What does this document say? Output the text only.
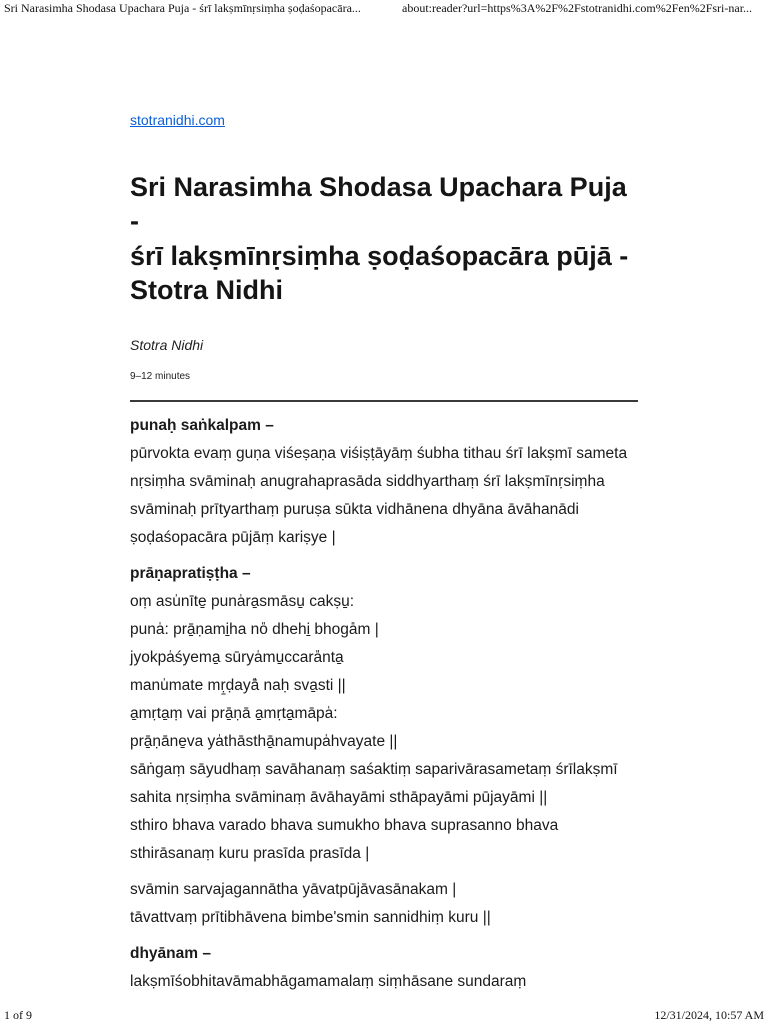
Sri Narasimha Shodasa Upachara Puja - śrī lakṣmīnṛsiṃha ṣoḍaśopacāra...	about:reader?url=https%3A%2F%2Fstotranidhi.com%2Fen%2Fsri-nar...
stotranidhi.com
Sri Narasimha Shodasa Upachara Puja -
śrī lakṣmīnṛsiṃha ṣoḍaśopacāra pūjā -
Stotra Nidhi
Stotra Nidhi
9–12 minutes
punaḥ saṅkalpam –
pūrvokta evaṃ guṇa viśeṣaṇa viśiṣṭāyāṃ śubha tithau śrī lakṣmī sameta
nṛsiṃha svāminaḥ anugrahaprasāda siddhyarthaṃ śrī lakṣmīnṛsiṃha
svāminaḥ prītyarthaṃ puruṣa sūkta vidhānena dhyāna āvāhanādi
ṣoḍaśopacāra pūjāṃ kariṣye |
prāṇapratiṣṭha –
oṃ asu̍nīte̱ puna̍ra̱smāsu̱ cakṣu̱:
puna̍: prā̱ṇami̱ha no̎ dhehi̱ bhoga̎m |
jyokpa̍śyema̱ sūrya̍mu̱ccara̎nta̱
manu̍mate mṛ̱ḍayā̎ naḥ sva̱sti ||
a̱mṛta̱ṃ vai prā̱ṇā a̱mṛta̱māpa̍:
prā̱ṇāne̱va ya̍thāsthā̱namupa̍hvayate ||
sāṅgaṃ sāyudhaṃ savāhanaṃ saśaktiṃ saparivārasametaṃ śrīlakṣmī
sahita nṛsiṃha svāminaṃ āvāhayāmi sthāpayāmi pūjayāmi ||
sthiro bhava varado bhava sumukho bhava suprasanno bhava
sthirāsanaṃ kuru prasīda prasīda |
svāmin sarvajagannātha yāvatpūjāvasānakam |
tāvattvaṃ prītibhāvena bimbe'smin sannidhiṃ kuru ||
dhyānam –
lakṣmīśobhitavāmabhāgamamalaṃ siṃhāsane sundaraṃ
1 of 9	12/31/2024, 10:57 AM
